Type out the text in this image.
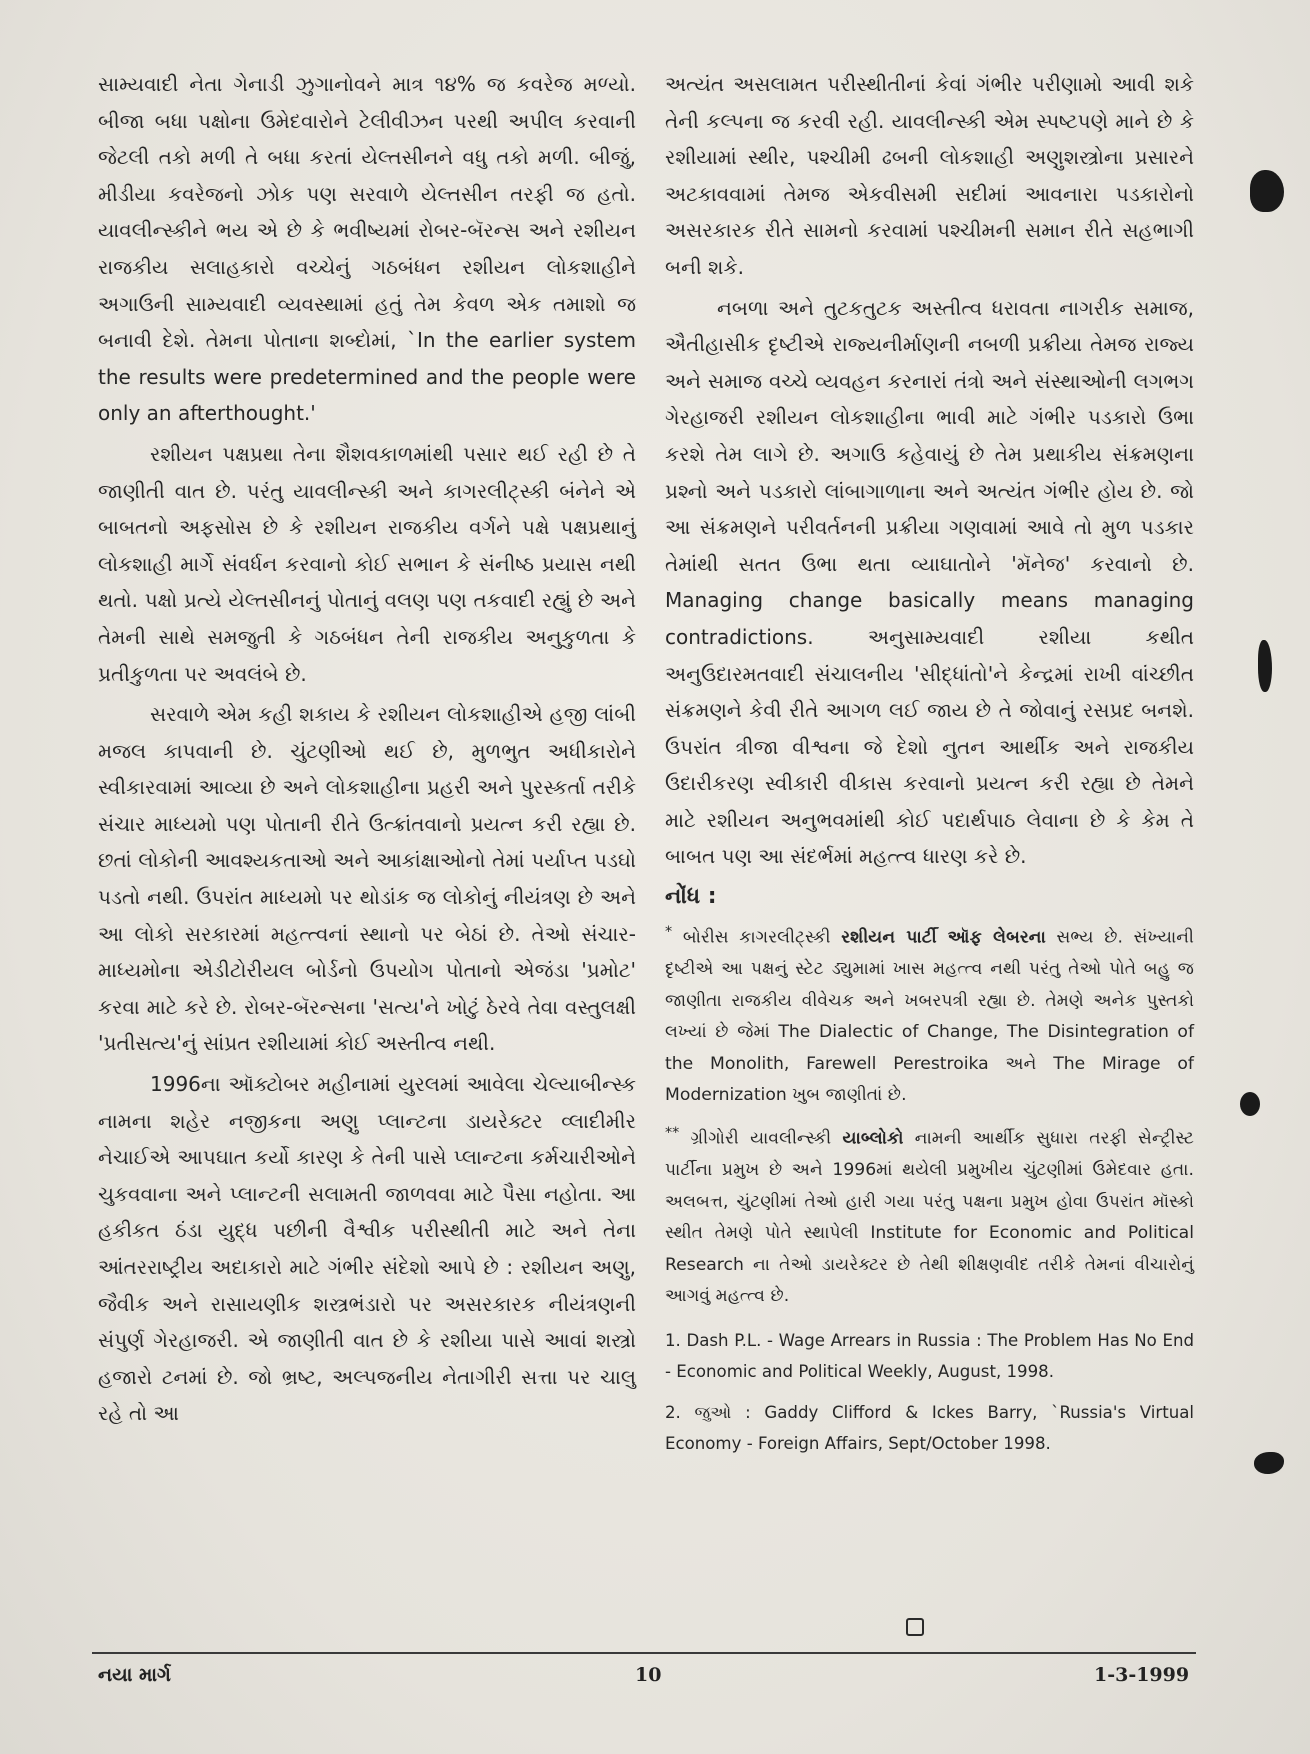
સામ્યવાદી નેતા ગેનાડી ઝુગાનોવને માત્ર ૧૪% જ કવરેજ મળ્યો. બીજા બધા પક્ષોના ઉમેદવારોને ટેલીવીઝન પરથી અપીલ કરવાની જેટલી તકો મળી તે બધા કરતાં યેલ્તસીનને વધુ તકો મળી. બીજું, મીડીયા કવરેજનો ઝોક પણ સરવાળે યેલ્તસીન તરફી જ હતો. યાવલીન્સ્કીને ભય એ છે કે ભવીષ્યમાં રોબર-બૅરન્સ અને રશીયન રાજકીય સલાહકારો વચ્ચેનું ગઠબંધન રશીયન લોકશાહીને અગાઉની સામ્યવાદી વ્યવસ્થામાં હતું તેમ કેવળ એક તમાશો જ બનાવી દેશે. તેમના પોતાના શબ્દોમાં, `In the earlier system the results were predetermined and the people were only an afterthought.'

રશીયન પક્ષપ્રથા તેના શૈશવકાળમાંથી પસાર થઈ રહી છે તે જાણીતી વાત છે. પરંતુ યાવલીન્સ્કી અને કાગરલીટ્સ્કી બંનેને એ બાબતનો અફસોસ છે કે રશીયન રાજકીય વર્ગને પક્ષે પક્ષપ્રથાનું લોકશાહી માર્ગે સંવર્ધન કરવાનો કોઈ સભાન કે સંનીષ્ઠ પ્રયાસ નથી થતો. પક્ષો પ્રત્યે યેલ્તસીનનું પોતાનું વલણ પણ તકવાદી રહ્યું છે અને તેમની સાથે સમજુતી કે ગઠબંધન તેની રાજકીય અનુકુળતા કે પ્રતીકુળતા પર અવલંબે છે.

સરવાળે એમ કહી શકાય કે રશીયન લોકશાહીએ હજી લાંબી મજલ કાપવાની છે. ચુંટણીઓ થઈ છે, મુળભુત અધીકારોને સ્વીકારવામાં આવ્યા છે અને લોકશાહીના પ્રહરી અને પુરસ્કર્તા તરીકે સંચાર માધ્યમો પણ પોતાની રીતે ઉત્ક્રાંતવાનો પ્રયત્ન કરી રહ્યા છે. છતાં લોકોની આવશ્યકતાઓ અને આકાંક્ષાઓનો તેમાં પર્યાપ્ત પડઘો પડતો નથી. ઉપરાંત માધ્યમો પર થોડાંક જ લોકોનું નીયંત્રણ છે અને આ લોકો સરકારમાં મહત્ત્વનાં સ્થાનો પર બેઠાં છે. તેઓ સંચાર-માધ્યમોના એડીટોરીયલ બોર્ડનો ઉપયોગ પોતાનો એજંડા 'પ્રમોટ' કરવા માટે કરે છે. રોબર-બૅરન્સના 'સત્ય'ને ખોટું ઠેરવે તેવા વસ્તુલક્ષી 'પ્રતીસત્ય'નું સાંપ્રત રશીયામાં કોઈ અસ્તીત્વ નથી.

1996ના ઑક્ટોબર મહીનામાં યુરલમાં આવેલા ચેલ્યાબીન્સ્ક નામના શહેર નજીકના અણુ પ્લાન્ટના ડાયરેક્ટર વ્લાદીમીર નેચાઈએ આપઘાત કર્યો કારણ કે તેની પાસે પ્લાન્ટના કર્મચારીઓને ચુકવવાના અને પ્લાન્ટની સલામતી જાળવવા માટે પૈસા નહોતા. આ હકીકત ઠંડા યુદ્ધ પછીની વૈશ્વીક પરીસ્થીતી માટે અને તેના આંતરરાષ્ટ્રીય અદાકારો માટે ગંભીર સંદેશો આપે છે : રશીયન અણુ, જૈવીક અને રાસાયણીક શસ્ત્રભંડારો પર અસરકારક નીયંત્રણની સંપુર્ણ ગેરહાજરી. એ જાણીતી વાત છે કે રશીયા પાસે આવાં શસ્ત્રો હજારો ટનમાં છે. જો ભ્રષ્ટ, અલ્પજનીય નેતાગીરી સત્તા પર ચાલુ રહે તો આ

અત્યંત અસલામત પરીસ્થીતીનાં કેવાં ગંભીર પરીણામો આવી શકે તેની કલ્પના જ કરવી રહી. યાવલીન્સ્કી એમ સ્પષ્ટપણે માને છે કે રશીયામાં સ્થીર, પશ્ચીમી ઢબની લોકશાહી અણુશસ્ત્રોના પ્રસારને અટકાવવામાં તેમજ એકવીસમી સદીમાં આવનારા પડકારોનો અસરકારક રીતે સામનો કરવામાં પશ્ચીમની સમાન રીતે સહભાગી બની શકે.

નબળા અને તુટકતુટક અસ્તીત્વ ધરાવતા નાગરીક સમાજ, ઐતીહાસીક દૃષ્ટીએ રાજ્યનીર્માણની નબળી પ્રક્રીયા તેમજ રાજ્ય અને સમાજ વચ્ચે વ્યવહન કરનારાં તંત્રો અને સંસ્થાઓની લગભગ ગેરહાજરી રશીયન લોકશાહીના ભાવી માટે ગંભીર પડકારો ઉભા કરશે તેમ લાગે છે. અગાઉ કહેવાયું છે તેમ પ્રથાકીય સંક્રમણના પ્રશ્નો અને પડકારો લાંબાગાળાના અને અત્યંત ગંભીર હોય છે. જો આ સંક્રમણને પરીવર્તનની પ્રક્રીયા ગણવામાં આવે તો મુળ પડકાર તેમાંથી સતત ઉભા થતા વ્યાઘાતોને 'મૅનેજ' કરવાનો છે. Managing change basically means managing contradictions. અનુસામ્યવાદી રશીયા કથીત અનુઉદારમતવાદી સંચાલનીય 'સીદ્ધાંતો'ને કેન્દ્રમાં રાખી વાંચ્છીત સંક્રમણને કેવી રીતે આગળ લઈ જાય છે તે જોવાનું રસપ્રદ બનશે. ઉપરાંત ત્રીજા વીશ્વના જે દેશો નુતન આર્થીક અને રાજકીય ઉદારીકરણ સ્વીકારી વીકાસ કરવાનો પ્રયત્ન કરી રહ્યા છે તેમને માટે રશીયન અનુભવમાંથી કોઈ પદાર્થપાઠ લેવાના છે કે કેમ તે બાબત પણ આ સંદર્ભમાં મહત્ત્વ ધારણ કરે છે.

નોંધ :

* બોરીસ કાગરલીટ્સ્કી રશીયન પાર્ટી ઑફ લેબરના સભ્ય છે. સંખ્યાની દૃષ્ટીએ આ પક્ષનું સ્ટેટ ડ્યુમામાં ખાસ મહત્ત્વ નથી પરંતુ તેઓ પોતે બહુ જ જાણીતા રાજકીય વીવેચક અને ખબરપત્રી રહ્યા છે. તેમણે અનેક પુસ્તકો લખ્યાં છે જેમાં The Dialectic of Change, The Disintegration of the Monolith, Farewell Perestroika અને The Mirage of Modernization ખુબ જાણીતાં છે.

** ગ્રીગોરી યાવલીન્સ્કી યાબ્લોકો નામની આર્થીક સુધારા તરફી સેન્ટ્રીસ્ટ પાર્ટીના પ્રમુખ છે અને 1996માં થયેલી પ્રમુખીય ચુંટણીમાં ઉમેદવાર હતા. અલબત્ત, ચુંટણીમાં તેઓ હારી ગયા પરંતુ પક્ષના પ્રમુખ હોવા ઉપરાંત મૉસ્કો સ્થીત તેમણે પોતે સ્થાપેલી Institute for Economic and Political Research ના તેઓ ડાયરેક્ટર છે તેથી શીક્ષણવીદ તરીકે તેમનાં વીચારોનું આગવું મહત્ત્વ છે.

1. Dash P.L. - Wage Arrears in Russia : The Problem Has No End - Economic and Political Weekly, August, 1998.

2. જુઓ : Gaddy Clifford & Ickes Barry, `Russia's Virtual Economy - Foreign Affairs, Sept/October 1998.

નયા માર્ગ	10	1-3-1999
